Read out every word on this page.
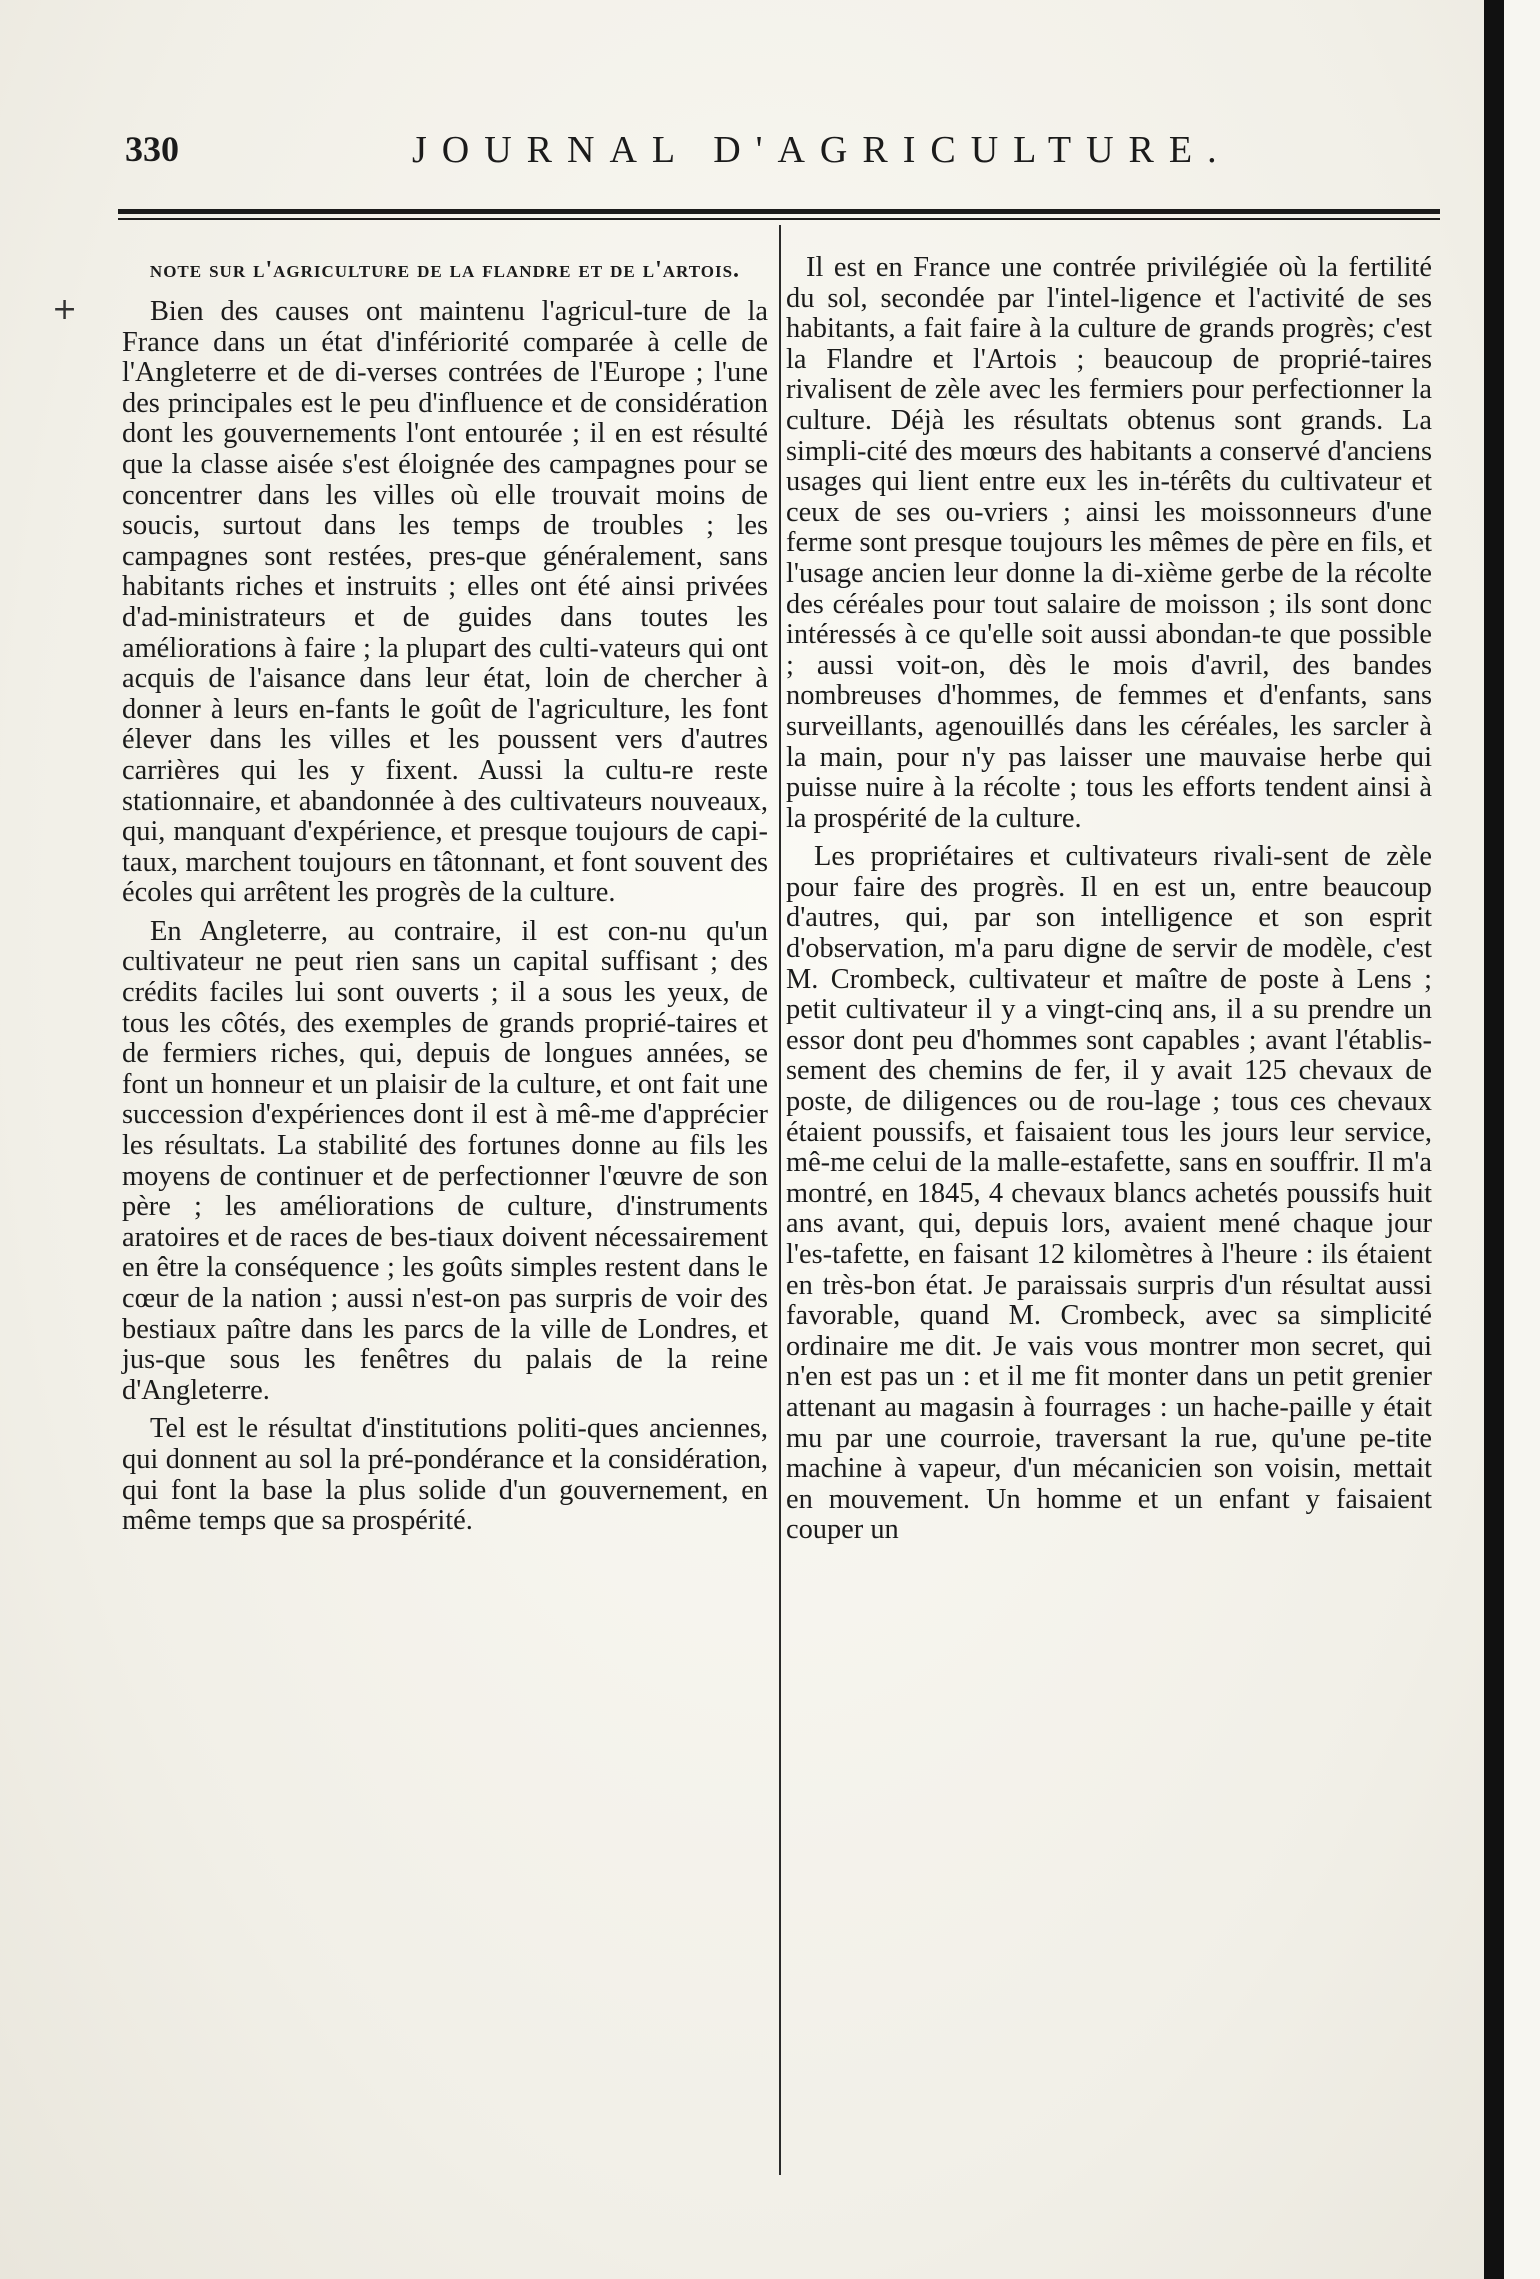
+
330	JOURNAL D'AGRICULTURE.
note sur l'agriculture de la flandre et de l'artois.

Bien des causes ont maintenu l'agricul-ture de la France dans un état d'infériorité comparée à celle de l'Angleterre et de di-verses contrées de l'Europe ; l'une des principales est le peu d'influence et de considération dont les gouvernements l'ont entourée ; il en est résulté que la classe aisée s'est éloignée des campagnes pour se concentrer dans les villes où elle trouvait moins de soucis, surtout dans les temps de troubles ; les campagnes sont restées, pres-que généralement, sans habitants riches et instruits ; elles ont été ainsi privées d'ad-ministrateurs et de guides dans toutes les améliorations à faire ; la plupart des culti-vateurs qui ont acquis de l'aisance dans leur état, loin de chercher à donner à leurs en-fants le goût de l'agriculture, les font élever dans les villes et les poussent vers d'autres carrières qui les y fixent. Aussi la cultu-re reste stationnaire, et abandonnée à des cultivateurs nouveaux, qui, manquant d'expérience, et presque toujours de capi-taux, marchent toujours en tâtonnant, et font souvent des écoles qui arrêtent les progrès de la culture.

En Angleterre, au contraire, il est con-nu qu'un cultivateur ne peut rien sans un capital suffisant ; des crédits faciles lui sont ouverts ; il a sous les yeux, de tous les côtés, des exemples de grands proprié-taires et de fermiers riches, qui, depuis de longues années, se font un honneur et un plaisir de la culture, et ont fait une succession d'expériences dont il est à mê-me d'apprécier les résultats. La stabilité des fortunes donne au fils les moyens de continuer et de perfectionner l'œuvre de son père ; les améliorations de culture, d'instruments aratoires et de races de bes-tiaux doivent nécessairement en être la conséquence ; les goûts simples restent dans le cœur de la nation ; aussi n'est-on pas surpris de voir des bestiaux paître dans les parcs de la ville de Londres, et jus-que sous les fenêtres du palais de la reine d'Angleterre.

Tel est le résultat d'institutions politi-ques anciennes, qui donnent au sol la pré-pondérance et la considération, qui font la base la plus solide d'un gouvernement, en même temps que sa prospérité.

Il est en France une contrée privilégiée où la fertilité du sol, secondée par l'intel-ligence et l'activité de ses habitants, a fait faire à la culture de grands progrès; c'est la Flandre et l'Artois ; beaucoup de proprié-taires rivalisent de zèle avec les fermiers pour perfectionner la culture. Déjà les résultats obtenus sont grands. La simpli-cité des mœurs des habitants a conservé d'anciens usages qui lient entre eux les in-térêts du cultivateur et ceux de ses ou-vriers ; ainsi les moissonneurs d'une ferme sont presque toujours les mêmes de père en fils, et l'usage ancien leur donne la di-xième gerbe de la récolte des céréales pour tout salaire de moisson ; ils sont donc intéressés à ce qu'elle soit aussi abondan-te que possible ; aussi voit-on, dès le mois d'avril, des bandes nombreuses d'hommes, de femmes et d'enfants, sans surveillants, agenouillés dans les céréales, les sarcler à la main, pour n'y pas laisser une mauvaise herbe qui puisse nuire à la récolte ; tous les efforts tendent ainsi à la prospérité de la culture.

Les propriétaires et cultivateurs rivali-sent de zèle pour faire des progrès. Il en est un, entre beaucoup d'autres, qui, par son intelligence et son esprit d'observation, m'a paru digne de servir de modèle, c'est M. Crombeck, cultivateur et maître de poste à Lens ; petit cultivateur il y a vingt-cinq ans, il a su prendre un essor dont peu d'hommes sont capables ; avant l'établis-sement des chemins de fer, il y avait 125 chevaux de poste, de diligences ou de rou-lage ; tous ces chevaux étaient poussifs, et faisaient tous les jours leur service, mê-me celui de la malle-estafette, sans en souffrir. Il m'a montré, en 1845, 4 chevaux blancs achetés poussifs huit ans avant, qui, depuis lors, avaient mené chaque jour l'es-tafette, en faisant 12 kilomètres à l'heure : ils étaient en très-bon état. Je paraissais surpris d'un résultat aussi favorable, quand M. Crombeck, avec sa simplicité ordinaire me dit. Je vais vous montrer mon secret, qui n'en est pas un : et il me fit monter dans un petit grenier attenant au magasin à fourrages : un hache-paille y était mu par une courroie, traversant la rue, qu'une pe-tite machine à vapeur, d'un mécanicien son voisin, mettait en mouvement. Un homme et un enfant y faisaient couper un
